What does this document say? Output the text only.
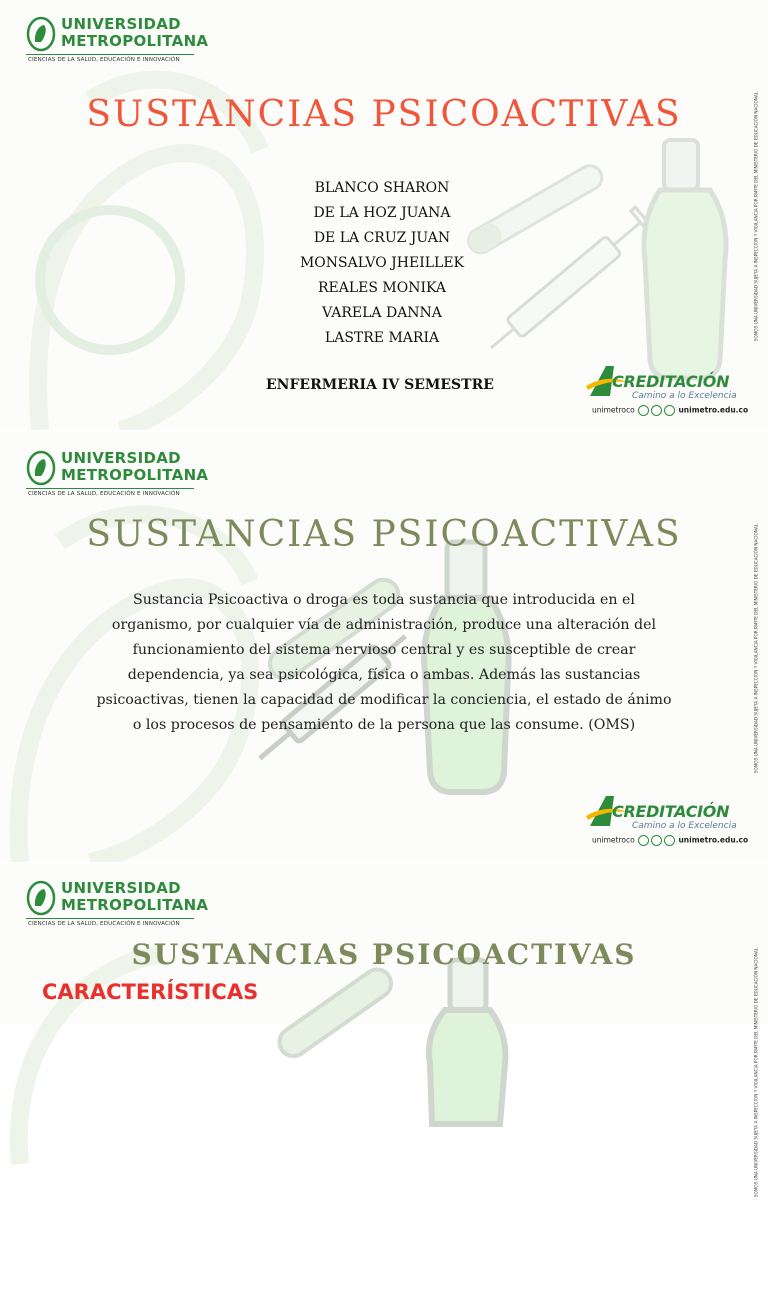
UNIVERSIDAD
METROPOLITANA
CIENCIAS DE LA SALUD, EDUCACIÓN E INNOVACIÓN
SOMOS UNA UNIVERSIDAD SUJETA A INSPECCIÓN Y VIGILANCIA POR PARTE DEL MINISTERIO DE EDUCACIÓN NACIONAL
SUSTANCIAS PSICOACTIVAS
BLANCO SHARON
DE LA HOZ JUANA
DE LA CRUZ JUAN
MONSALVO JHEILLEK
REALES MONIKA
VARELA DANNA
LASTRE MARIA
ENFERMERIA IV SEMESTRE	CREDITACIÓN
Camino a lo Excelencia
unimetroco	unimetro.edu.co
UNIVERSIDAD
METROPOLITANA
CIENCIAS DE LA SALUD, EDUCACIÓN E INNOVACIÓN
SOMOS UNA UNIVERSIDAD SUJETA A INSPECCIÓN Y VIGILANCIA POR PARTE DEL MINISTERIO DE EDUCACIÓN NACIONAL
SUSTANCIAS PSICOACTIVAS
Sustancia Psicoactiva o droga es toda sustancia que introducida en el organismo, por cualquier vía de administración, produce una alteración del funcionamiento del sistema nervioso central y es susceptible de crear dependencia, ya sea psicológica, física o ambas. Además las sustancias psicoactivas, tienen la capacidad de modificar la conciencia, el estado de ánimo o los procesos de pensamiento de la persona que las consume. (OMS)
CREDITACIÓN
Camino a lo Excelencia
unimetroco	unimetro.edu.co
UNIVERSIDAD
METROPOLITANA
CIENCIAS DE LA SALUD, EDUCACIÓN E INNOVACIÓN
SOMOS UNA UNIVERSIDAD SUJETA A INSPECCIÓN Y VIGILANCIA POR PARTE DEL MINISTERIO DE EDUCACIÓN NACIONAL
SUSTANCIAS PSICOACTIVAS
CARACTERÍSTICAS
